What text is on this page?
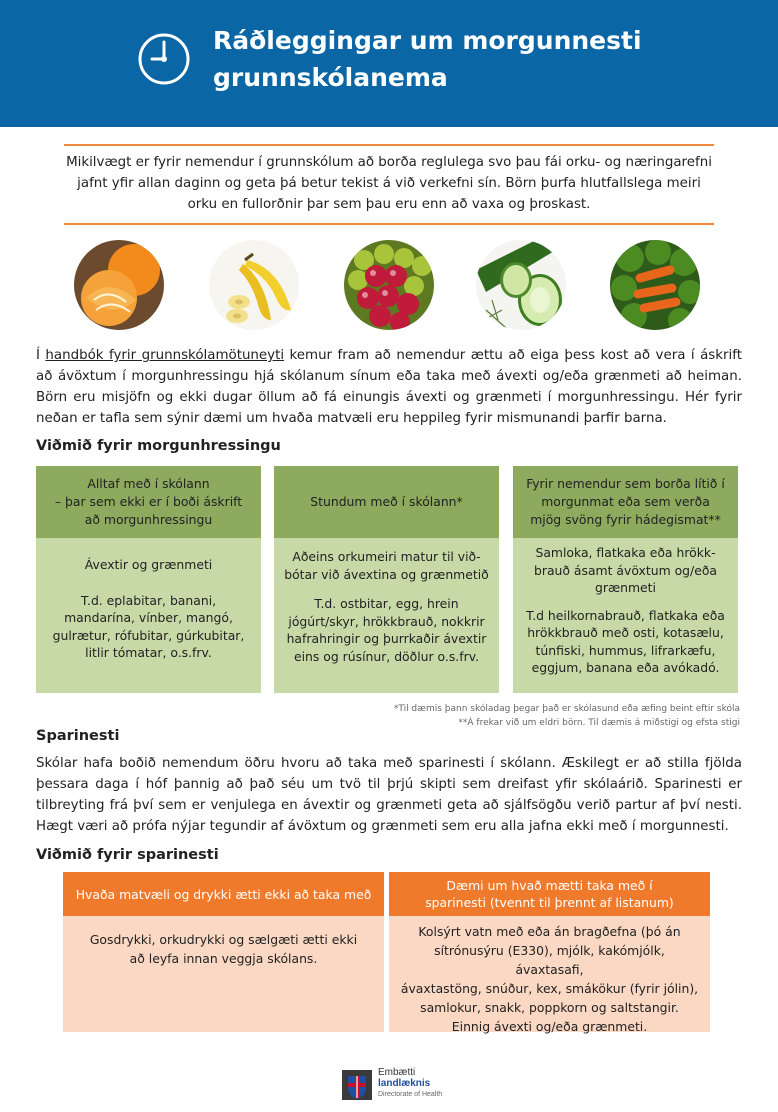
Ráðleggingar um morgunnesti
grunnskólanema
Mikilvægt er fyrir nemendur í grunnskólum að borða reglulega svo þau fái orku- og næringarefni
jafnt yfir allan daginn og geta þá betur tekist á við verkefni sín. Börn þurfa hlutfallslega meiri
orku en fullorðnir þar sem þau eru enn að vaxa og þroskast.
Í handbók fyrir grunnskólamötuneyti kemur fram að nemendur ættu að eiga þess kost að vera í áskrift að ávöxtum í morgunhressingu hjá skólanum sínum eða taka með ávexti og/eða grænmeti að heiman. Börn eru misjöfn og ekki dugar öllum að fá einungis ávexti og grænmeti í morgunhressingu. Hér fyrir neðan er tafla sem sýnir dæmi um hvaða matvæli eru heppileg fyrir mismunandi þarfir barna.
Viðmið fyrir morgunhressingu
Alltaf með í skólann
– þar sem ekki er í boði áskrift
að morgunhressingu

Ávextir og grænmeti

T.d. eplabitar, banani,
mandarína, vínber, mangó,
gulrætur, rófubitar, gúrkubitar,
litlir tómatar, o.s.frv.

Stundum með í skólann*

Aðeins orkumeiri matur til við-
bótar við ávextina og grænmetið

T.d. ostbitar, egg, hrein
jógúrt/skyr, hrökkbrauð, nokkrir
hafrahringir og þurrkaðir ávextir
eins og rúsínur, döðlur o.s.frv.

Fyrir nemendur sem borða lítið í
morgunmat eða sem verða
mjög svöng fyrir hádegismat**

Samloka, flatkaka eða hrökk-
brauð ásamt ávöxtum og/eða
grænmeti

T.d heilkornabrauð, flatkaka eða
hrökkbrauð með osti, kotasælu,
túnfiski, hummus, lifrarkæfu,
eggjum, banana eða avókadó.

*Til dæmis þann skóladag þegar það er skólasund eða æfing beint eftir skóla
**Á frekar við um eldri börn. Til dæmis á miðstigi og efsta stigi
Sparinesti
Skólar hafa boðið nemendum öðru hvoru að taka með sparinesti í skólann. Æskilegt er að stilla fjölda þessara daga í hóf þannig að það séu um tvö til þrjú skipti sem dreifast yfir skólaárið. Sparinesti er tilbreyting frá því sem er venjulega en ávextir og grænmeti geta að sjálfsögðu verið partur af því nesti. Hægt væri að prófa nýjar tegundir af ávöxtum og grænmeti sem eru alla jafna ekki með í morgunnesti.
Viðmið fyrir sparinesti
Hvaða matvæli og drykki ætti ekki að taka með

Gosdrykki, orkudrykki og sælgæti ætti ekki
að leyfa innan veggja skólans.

Dæmi um hvað mætti taka með í
sparinesti (tvennt til þrennt af listanum)

Kolsýrt vatn með eða án bragðefna (þó án
sítrónusýru (E330), mjólk, kakómjólk, ávaxtasafi,
ávaxtastöng, snúður, kex, smákökur (fyrir jólin),
samlokur, snakk, poppkorn og saltstangir.
Einnig ávexti og/eða grænmeti.

Embætti
landlæknis
Directorate of Health
